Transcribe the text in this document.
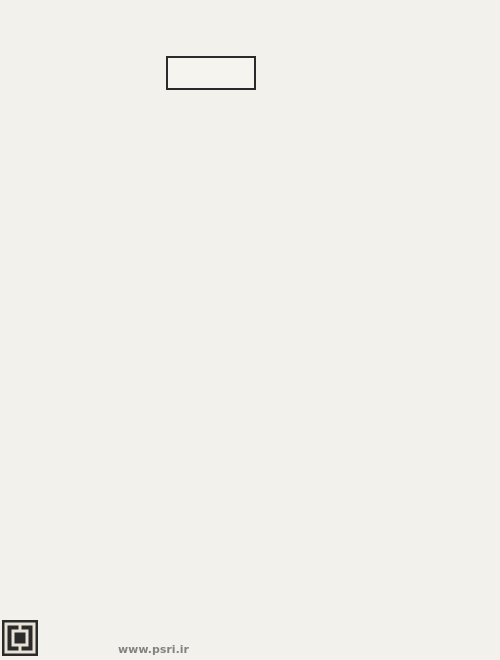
www.psri.ir
